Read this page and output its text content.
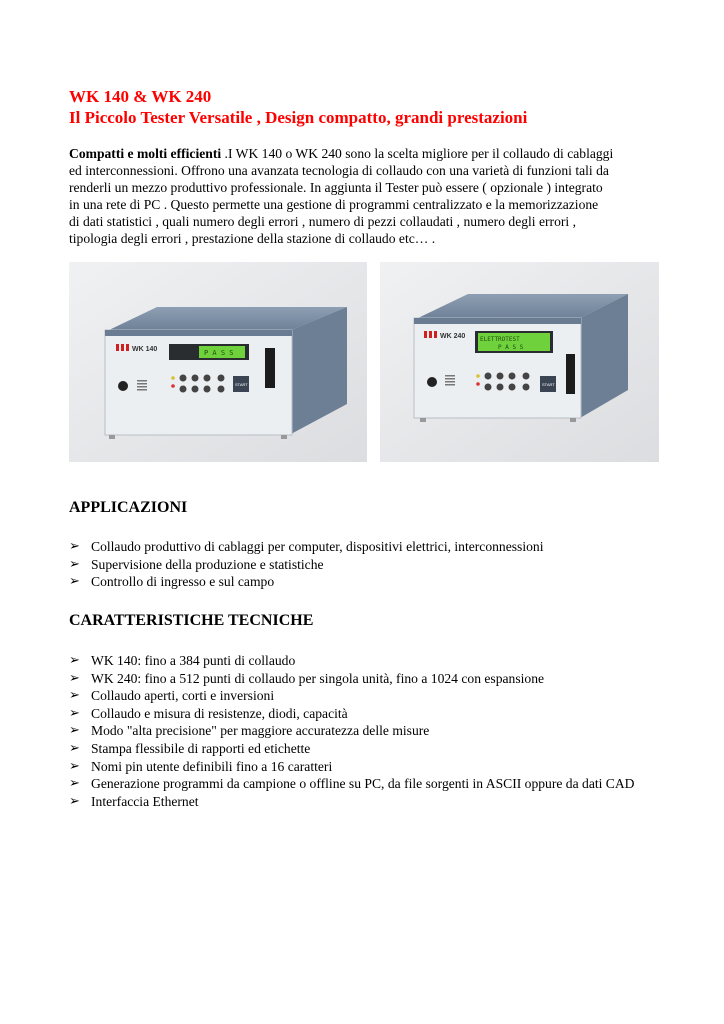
WK 140 & WK 240
Il Piccolo Tester Versatile , Design compatto, grandi prestazioni
Compatti e molti efficienti .I WK 140 o WK 240 sono la scelta migliore per il collaudo di cablaggi
ed interconnessioni. Offrono una avanzata tecnologia di collaudo con una varietà di funzioni tali da
renderli un mezzo produttivo professionale. In aggiunta il Tester può essere ( opzionale ) integrato
in una rete di PC . Questo permette una gestione di programmi centralizzato e la memorizzazione
di dati statistici , quali numero degli errori , numero di pezzi collaudati , numero degli errori ,
tipologia degli errori , prestazione della stazione di collaudo etc… .
WK 140	P A S S
START
WK 240 ELETTROTEST
P A S S
START
APPLICAZIONI
➢ Collaudo produttivo di cablaggi per computer, dispositivi elettrici, interconnessioni
➢ Supervisione della produzione e statistiche
➢ Controllo di ingresso e sul campo
CARATTERISTICHE TECNICHE
➢ WK 140: fino a 384 punti di collaudo
➢ WK 240: fino a 512 punti di collaudo per singola unità, fino a 1024 con espansione
➢ Collaudo aperti, corti e inversioni
➢ Collaudo e misura di resistenze, diodi, capacità
➢ Modo "alta precisione" per maggiore accuratezza delle misure
➢ Stampa flessibile di rapporti ed etichette
➢ Nomi pin utente definibili fino a 16 caratteri
➢ Generazione programmi da campione o offline su PC, da file sorgenti in ASCII oppure da dati CAD
➢ Interfaccia Ethernet
